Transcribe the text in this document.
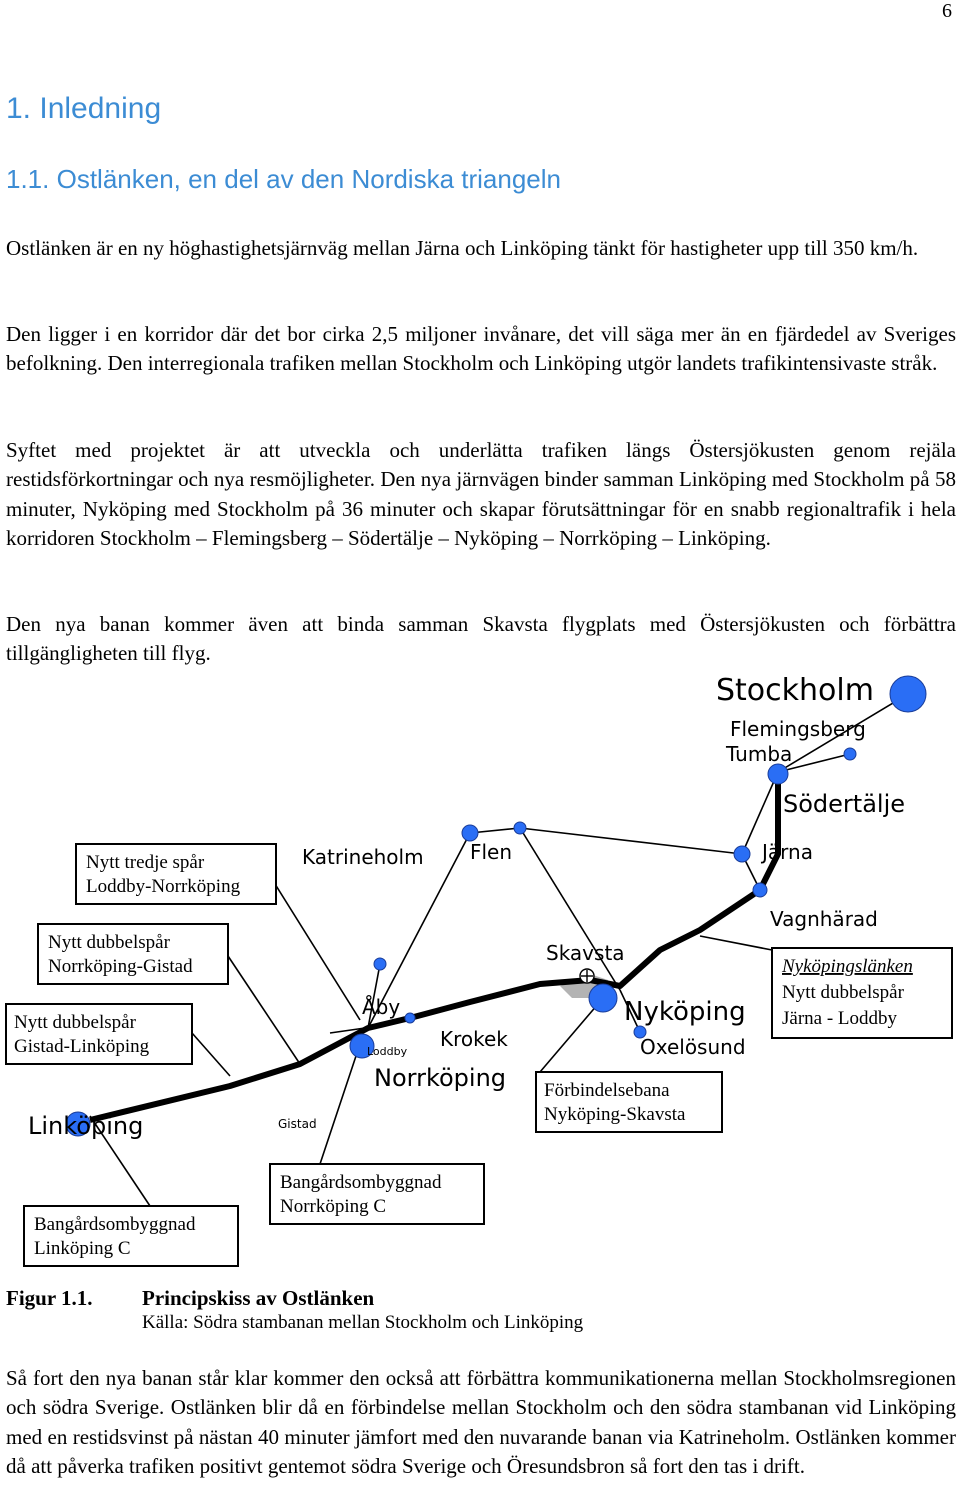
6
1. Inledning
1.1. Ostlänken, en del av den Nordiska triangeln

Ostlänken är en ny höghastighetsjärnväg mellan Järna och Linköping tänkt för hastigheter upp till 350 km/h.

Den ligger i en korridor där det bor cirka 2,5 miljoner invånare, det vill säga mer än en fjärdedel av Sveriges befolkning. Den interregionala trafiken mellan Stockholm och Linköping utgör landets trafikintensivaste stråk.

Syftet med projektet är att utveckla och underlätta trafiken längs Östersjökusten genom rejäla restidsförkortningar och nya resmöjligheter. Den nya järnvägen binder samman Linköping med Stockholm på 58 minuter, Nyköping med Stockholm på 36 minuter och skapar förutsättningar för en snabb regionaltrafik i hela korridoren Stockholm – Flemingsberg – Södertälje – Nyköping – Norrköping – Linköping.

Den nya banan kommer även att binda samman Skavsta flygplats med Östersjökusten och förbättra tillgängligheten till flyg.

Stockholm
Flemingsberg
Tumba
Södertälje
Järna
Vagnhärad
Flen
Katrineholm
Skavsta
Nyköping
Oxelösund
Åby
Krokek
Loddby
Norrköping
Gistad
Linköping
Nytt tredje spår
Loddby-Norrköping
Nytt dubbelspår
Norrköping-Gistad
Nytt dubbelspår
Gistad-Linköping
Nyköpingslänken
Nytt dubbelspår
Järna - Loddby
Förbindelsebana
Nyköping-Skavsta
Bangårdsombyggnad
Norrköping C
Bangårdsombyggnad
Linköping C
Figur 1.1. Principskiss av Ostlänken
Källa: Södra stambanan mellan Stockholm och Linköping

Så fort den nya banan står klar kommer den också att förbättra kommunikationerna mellan Stockholmsregionen och södra Sverige. Ostlänken blir då en förbindelse mellan Stockholm och den södra stambanan vid Linköping med en restidsvinst på nästan 40 minuter jämfort med den nuvarande banan via Katrineholm. Ostlänken kommer då att påverka trafiken positivt gentemot södra Sverige och Öresundsbron så fort den tas i drift.
